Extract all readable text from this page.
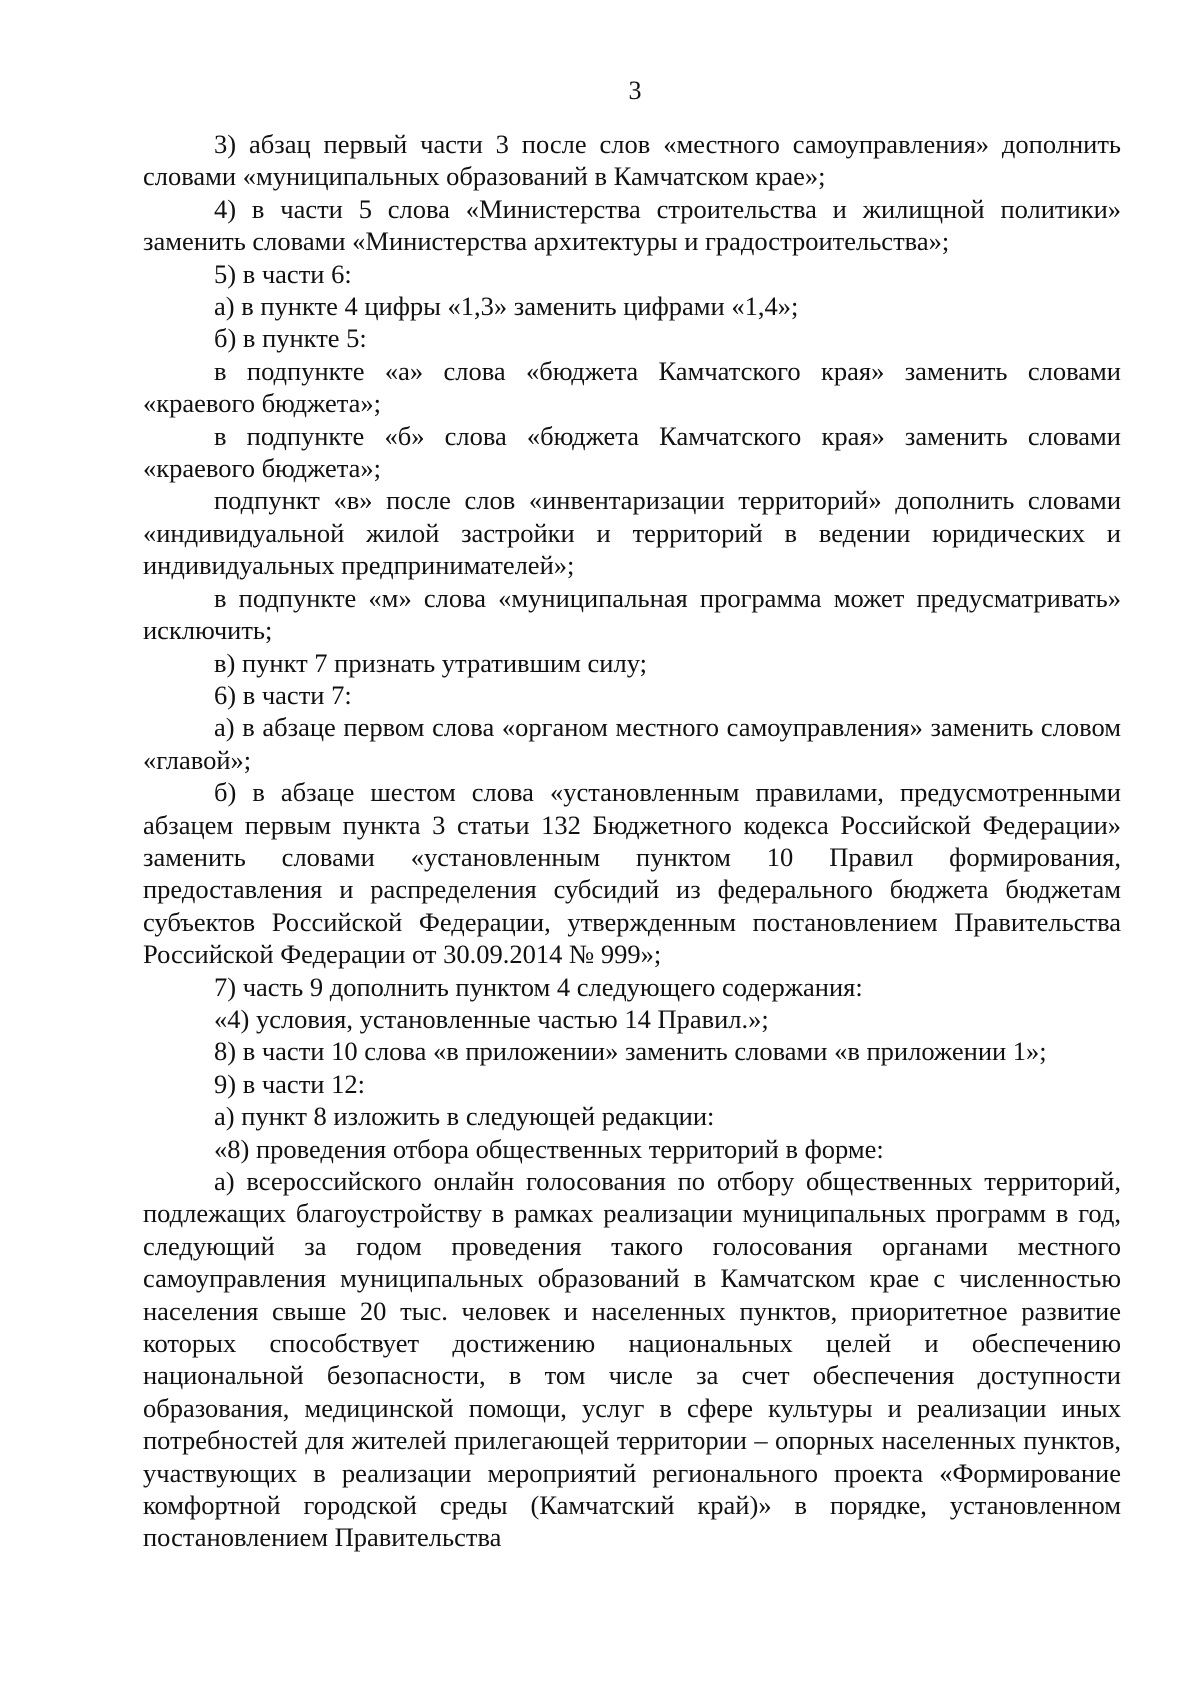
3

3) абзац первый части 3 после слов «местного самоуправления» дополнить словами «муниципальных образований в Камчатском крае»;

4) в части 5 слова «Министерства строительства и жилищной политики» заменить словами «Министерства архитектуры и градостроительства»;

5) в части 6:

а) в пункте 4 цифры «1,3» заменить цифрами «1,4»;

б) в пункте 5:

в подпункте «а» слова «бюджета Камчатского края» заменить словами «краевого бюджета»;

в подпункте «б» слова «бюджета Камчатского края» заменить словами «краевого бюджета»;

подпункт «в» после слов «инвентаризации территорий» дополнить словами «индивидуальной жилой застройки и территорий в ведении юридических и индивидуальных предпринимателей»;

в подпункте «м» слова «муниципальная программа может предусматривать» исключить;

в) пункт 7 признать утратившим силу;

6) в части 7:

а) в абзаце первом слова «органом местного самоуправления» заменить словом «главой»;

б) в абзаце шестом слова «установленным правилами, предусмотренными абзацем первым пункта 3 статьи 132 Бюджетного кодекса Российской Федерации» заменить словами «установленным пунктом 10 Правил формирования, предоставления и распределения субсидий из федерального бюджета бюджетам субъектов Российской Федерации, утвержденным постановлением Правительства Российской Федерации от 30.09.2014 № 999»;

7) часть 9 дополнить пунктом 4 следующего содержания:

«4) условия, установленные частью 14 Правил.»;

8) в части 10 слова «в приложении» заменить словами «в приложении 1»;

9) в части 12:

а) пункт 8 изложить в следующей редакции:

«8) проведения отбора общественных территорий в форме:

а) всероссийского онлайн голосования по отбору общественных территорий, подлежащих благоустройству в рамках реализации муниципальных программ в год, следующий за годом проведения такого голосования органами местного самоуправления муниципальных образований в Камчатском крае с численностью населения свыше 20 тыс. человек и населенных пунктов, приоритетное развитие которых способствует достижению национальных целей и обеспечению национальной безопасности, в том числе за счет обеспечения доступности образования, медицинской помощи, услуг в сфере культуры и реализации иных потребностей для жителей прилегающей территории – опорных населенных пунктов, участвующих в реализации мероприятий регионального проекта «Формирование комфортной городской среды (Камчатский край)» в порядке, установленном постановлением Правительства
